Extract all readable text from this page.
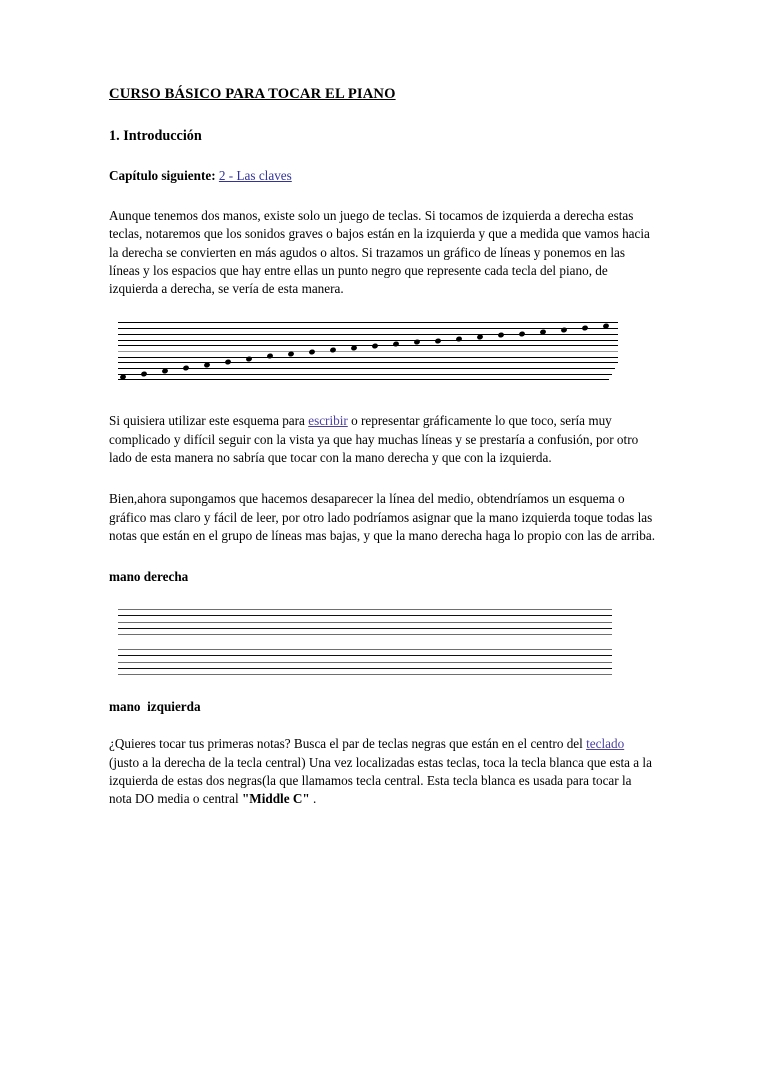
CURSO BÁSICO PARA TOCAR EL PIANO
1. Introducción

Capítulo siguiente: 2 - Las claves

Aunque tenemos dos manos, existe solo un juego de teclas. Si tocamos de izquierda a derecha estas teclas, notaremos que los sonidos graves o bajos están en la izquierda y que a medida que vamos hacia la derecha se convierten en más agudos o altos. Si trazamos un gráfico de líneas y ponemos en las líneas y los espacios que hay entre ellas un punto negro que represente cada tecla del piano, de izquierda a derecha, se vería de esta manera.

Si quisiera utilizar este esquema para escribir o representar gráficamente lo que toco, sería muy complicado y difícil seguir con la vista ya que hay muchas líneas y se prestaría a confusión, por otro lado de esta manera no sabría que tocar con la mano derecha y que con la izquierda.

Bien,ahora supongamos que hacemos desaparecer la línea del medio, obtendríamos un esquema o gráfico mas claro y fácil de leer, por otro lado podríamos asignar que la mano izquierda toque todas las notas que están en el grupo de líneas mas bajas, y que la mano derecha haga lo propio con las de arriba.

mano derecha

mano  izquierda

¿Quieres tocar tus primeras notas? Busca el par de teclas negras que están en el centro del teclado (justo a la derecha de la tecla central) Una vez localizadas estas teclas, toca la tecla blanca que esta a la izquierda de estas dos negras(la que llamamos tecla central. Esta tecla blanca es usada para tocar la nota DO media o central "Middle C" .
